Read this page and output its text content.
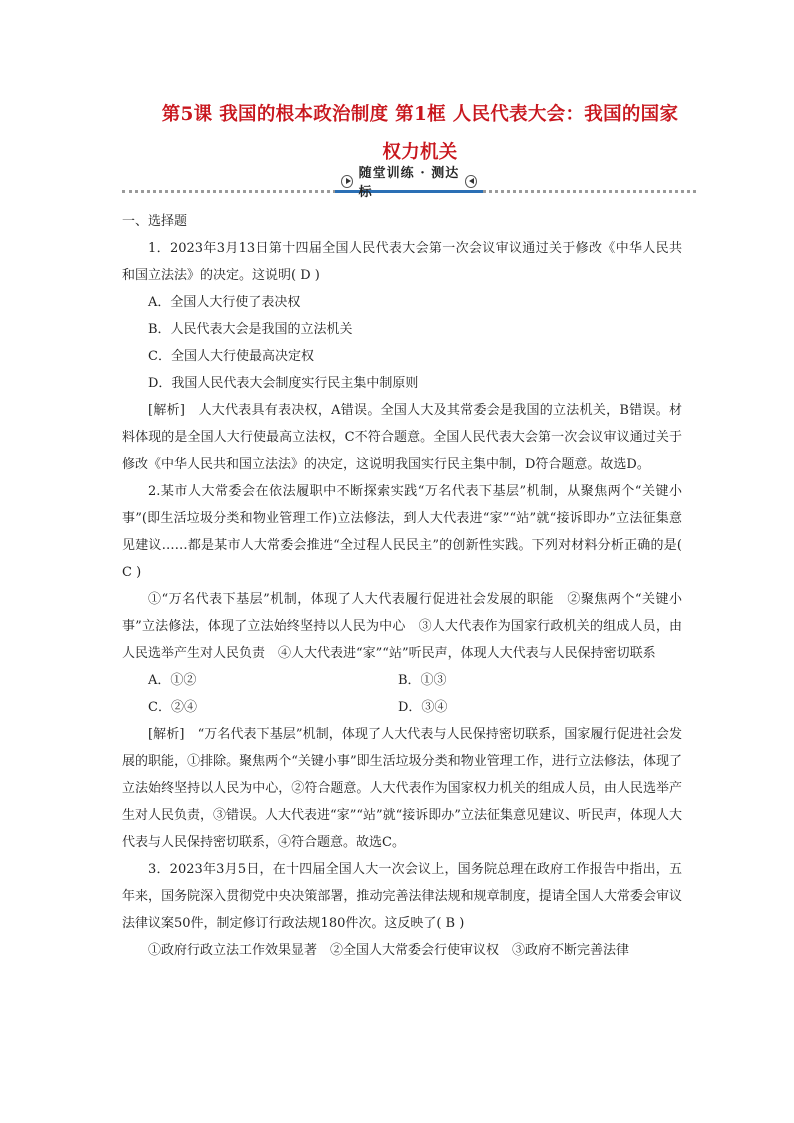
第5课 我国的根本政治制度 第1框 人民代表大会：我国的国家
权力机关
随堂训练 · 测达标

一、选择题

1．2023年3月13日第十四届全国人民代表大会第一次会议审议通过关于修改《中华人民共和国立法法》的决定。这说明( D )

A．全国人大行使了表决权

B．人民代表大会是我国的立法机关

C．全国人大行使最高决定权

D．我国人民代表大会制度实行民主集中制原则

[解析]　人大代表具有表决权，A错误。全国人大及其常委会是我国的立法机关，B错误。材料体现的是全国人大行使最高立法权，C不符合题意。全国人民代表大会第一次会议审议通过关于修改《中华人民共和国立法法》的决定，这说明我国实行民主集中制，D符合题意。故选D。

2.某市人大常委会在依法履职中不断探索实践“万名代表下基层”机制，从聚焦两个“关键小事”(即生活垃圾分类和物业管理工作)立法修法，到人大代表进“家”“站”就“接诉即办”立法征集意见建议……都是某市人大常委会推进“全过程人民民主”的创新性实践。下列对材料分析正确的是( C )

①“万名代表下基层”机制，体现了人大代表履行促进社会发展的职能　②聚焦两个“关键小事”立法修法，体现了立法始终坚持以人民为中心　③人大代表作为国家行政机关的组成人员，由人民选举产生对人民负责　④人大代表进“家”“站”听民声，体现人大代表与人民保持密切联系

A．①②	B．①③
C．②④	D．③④

[解析]　“万名代表下基层”机制，体现了人大代表与人民保持密切联系，国家履行促进社会发展的职能，①排除。聚焦两个“关键小事”即生活垃圾分类和物业管理工作，进行立法修法，体现了立法始终坚持以人民为中心，②符合题意。人大代表作为国家权力机关的组成人员，由人民选举产生对人民负责，③错误。人大代表进“家”“站”就“接诉即办”立法征集意见建议、听民声，体现人大代表与人民保持密切联系，④符合题意。故选C。

3．2023年3月5日，在十四届全国人大一次会议上，国务院总理在政府工作报告中指出，五年来，国务院深入贯彻党中央决策部署，推动完善法律法规和规章制度，提请全国人大常委会审议法律议案50件，制定修订行政法规180件次。这反映了( B )

①政府行政立法工作效果显著　②全国人大常委会行使审议权　③政府不断完善法律
